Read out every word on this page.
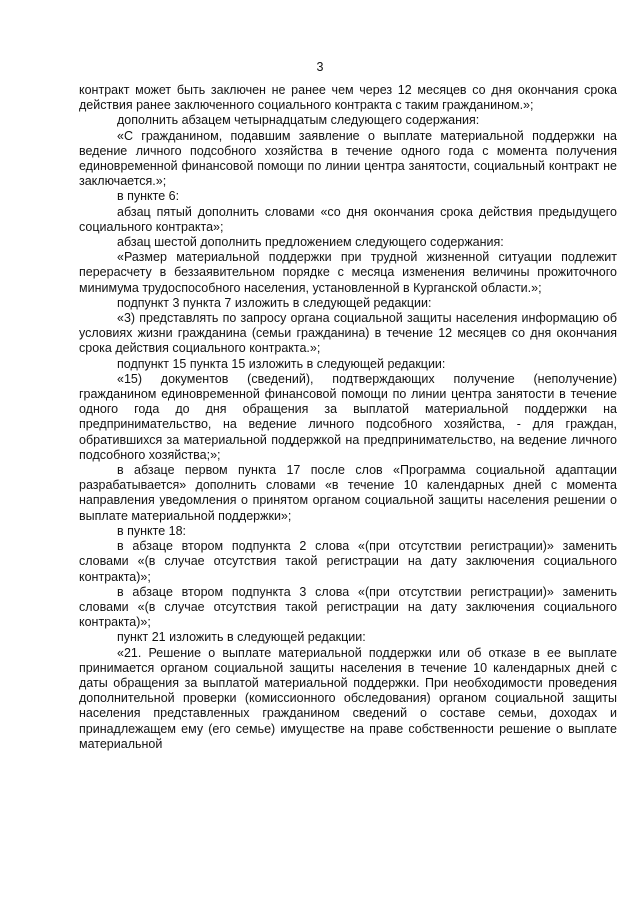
3

контракт может быть заключен не ранее чем через 12 месяцев со дня окончания срока действия ранее заключенного социального контракта с таким гражданином.»;

дополнить абзацем четырнадцатым следующего содержания:

«С гражданином, подавшим заявление о выплате материальной поддержки на ведение личного подсобного хозяйства в течение одного года с момента получения единовременной финансовой помощи по линии центра занятости, социальный контракт не заключается.»;

в пункте 6:

абзац пятый дополнить словами «со дня окончания срока действия предыдущего социального контракта»;

абзац шестой дополнить предложением следующего содержания:

«Размер материальной поддержки при трудной жизненной ситуации подлежит перерасчету в беззаявительном порядке с месяца изменения величины прожиточного минимума трудоспособного населения, установленной в Курганской области.»;

подпункт 3 пункта 7 изложить в следующей редакции:

«3) представлять по запросу органа социальной защиты населения информацию об условиях жизни гражданина (семьи гражданина) в течение 12 месяцев со дня окончания срока действия социального контракта.»;

подпункт 15 пункта 15 изложить в следующей редакции:

«15) документов (сведений), подтверждающих получение (неполучение) гражданином единовременной финансовой помощи по линии центра занятости в течение одного года до дня обращения за выплатой материальной поддержки на предпринимательство, на ведение личного подсобного хозяйства, - для граждан, обратившихся за материальной поддержкой на предпринимательство, на ведение личного подсобного хозяйства;»;

в абзаце первом пункта 17 после слов «Программа социальной адаптации разрабатывается» дополнить словами «в течение 10 календарных дней с момента направления уведомления о принятом органом социальной защиты населения решении о выплате материальной поддержки»;

в пункте 18:

в абзаце втором подпункта 2 слова «(при отсутствии регистрации)» заменить словами «(в случае отсутствия такой регистрации на дату заключения социального контракта)»;

в абзаце втором подпункта 3 слова «(при отсутствии регистрации)» заменить словами «(в случае отсутствия такой регистрации на дату заключения социального контракта)»;

пункт 21 изложить в следующей редакции:

«21. Решение о выплате материальной поддержки или об отказе в ее выплате принимается органом социальной защиты населения в течение 10 календарных дней с даты обращения за выплатой материальной поддержки. При необходимости проведения дополнительной проверки (комиссионного обследования) органом социальной защиты населения представленных гражданином сведений о составе семьи, доходах и принадлежащем ему (его семье) имуществе на праве собственности решение о выплате материальной
